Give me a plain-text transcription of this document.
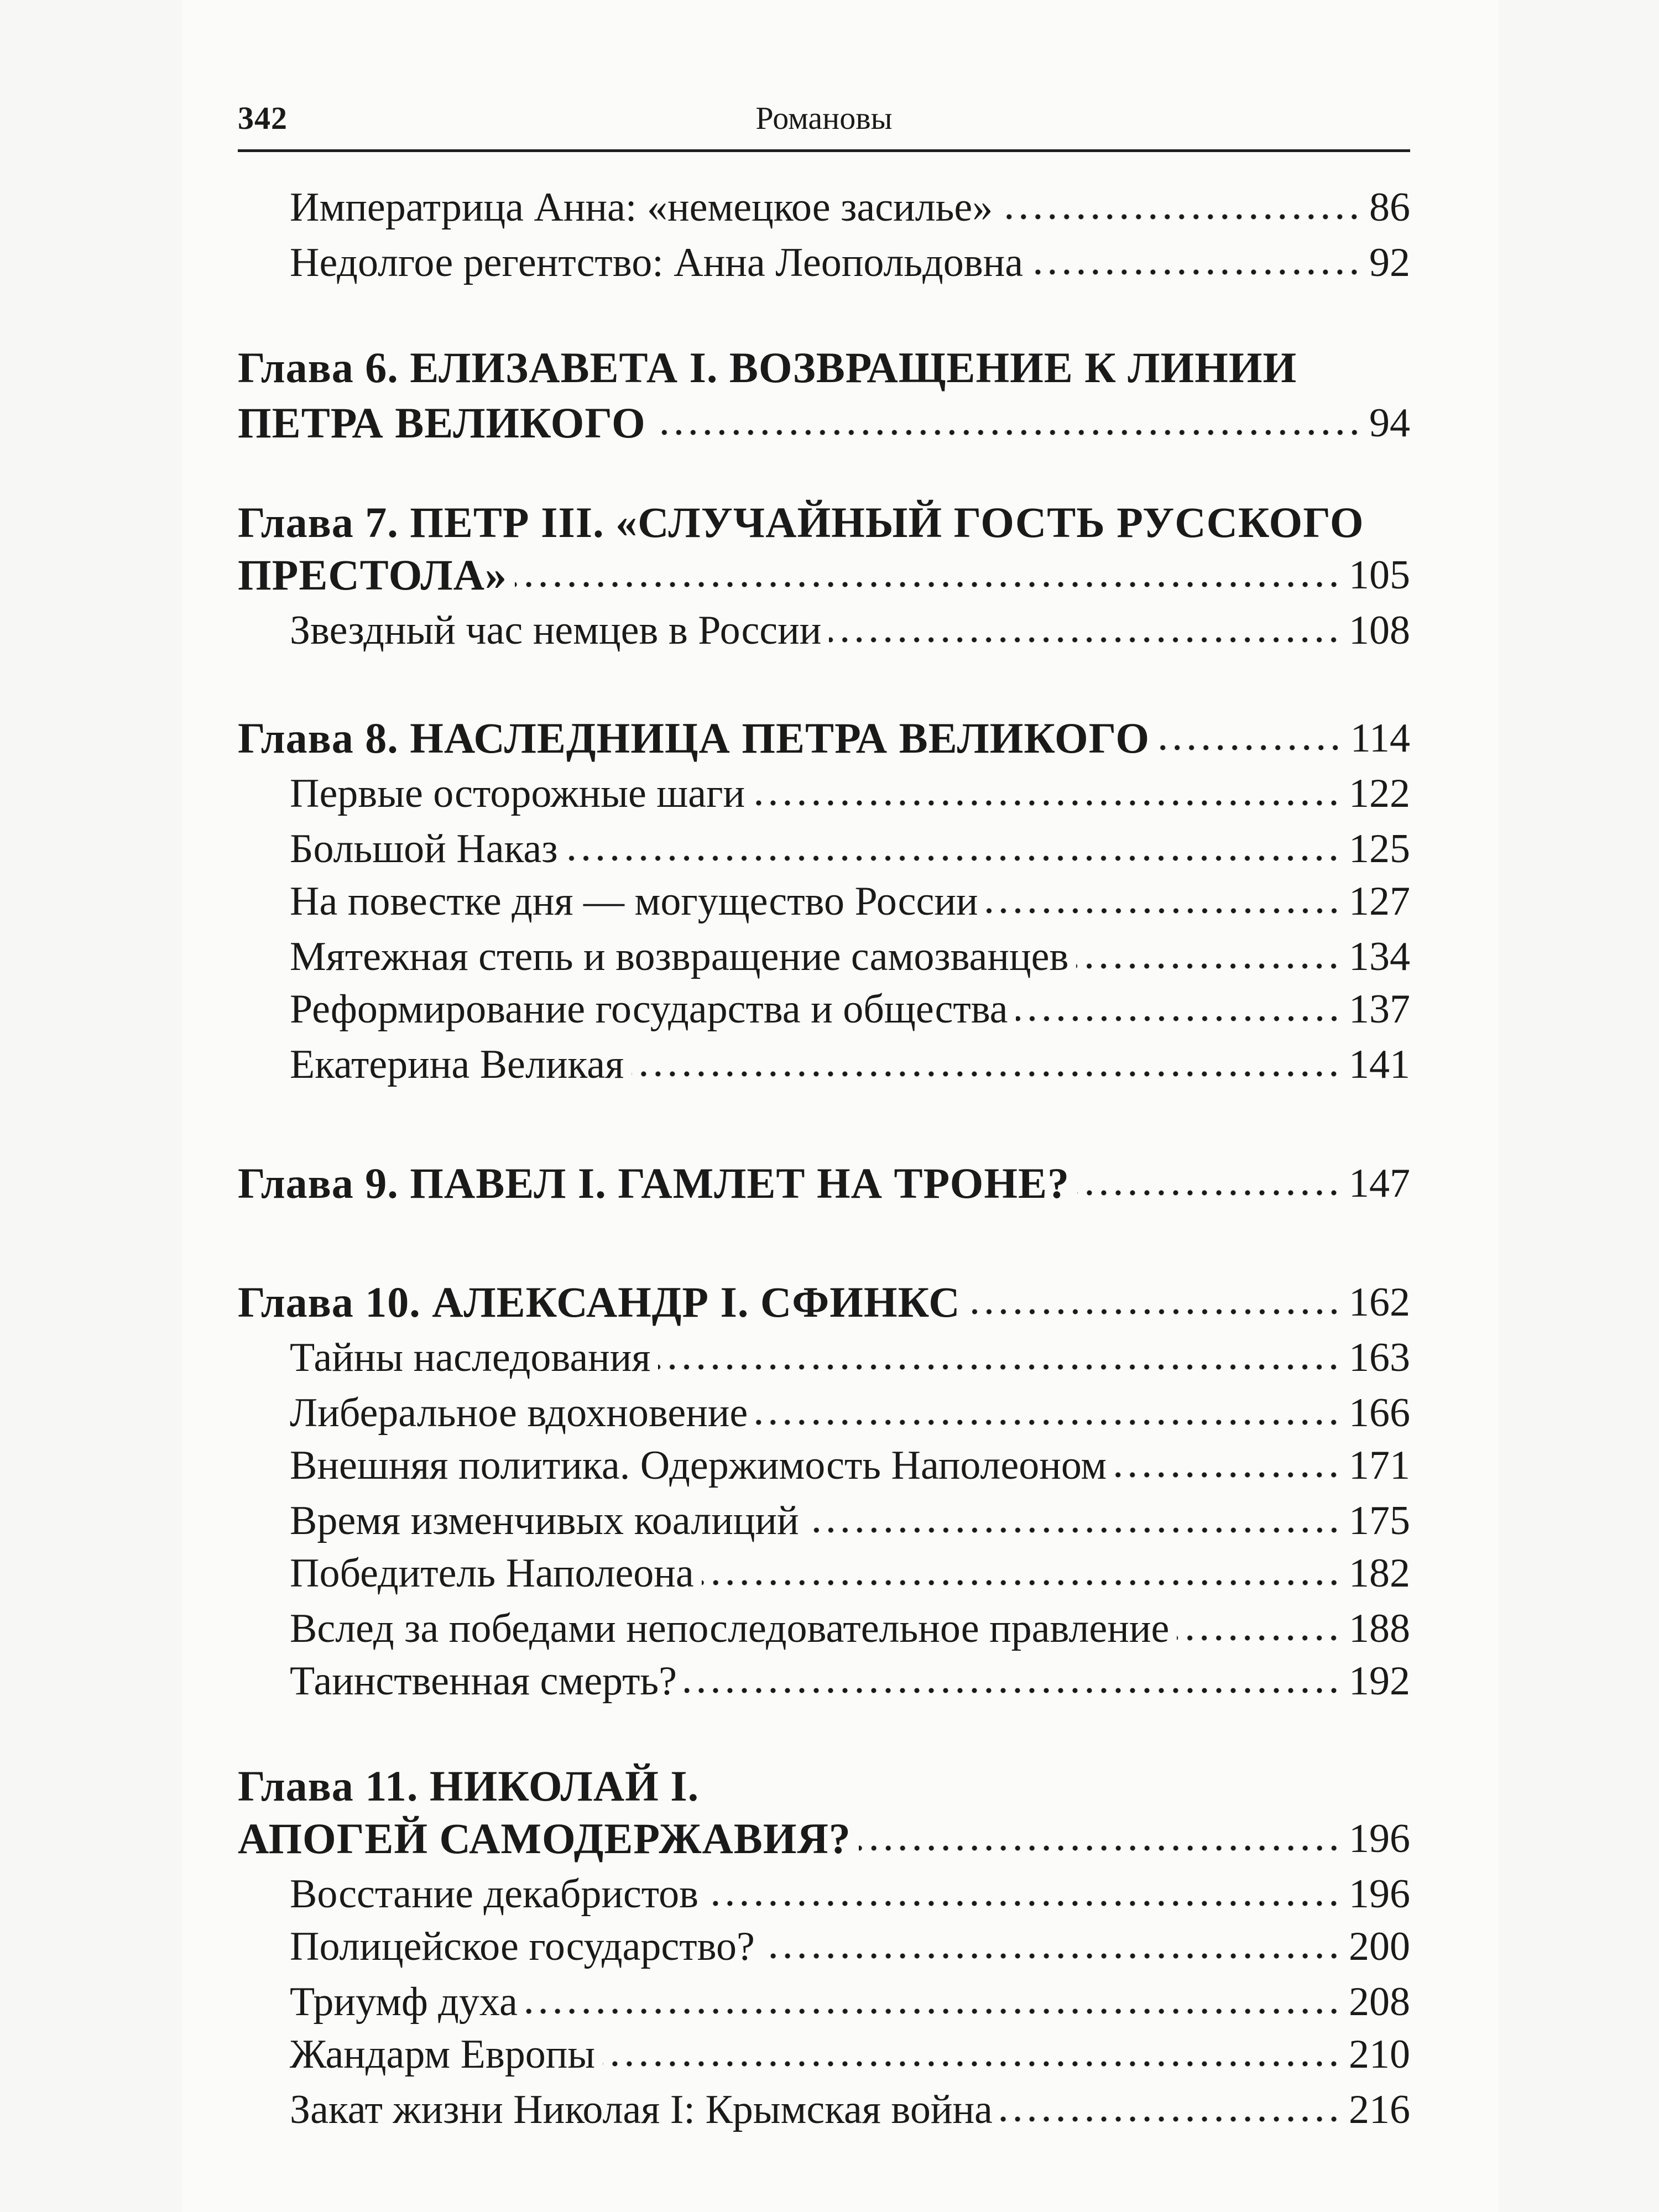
342	Романовы
Императрица Анна: «немецкое засилье»	86
Недолгое регентство: Анна Леопольдовна	92
Глава 6. ЕЛИЗАВЕТА I. ВОЗВРАЩЕНИЕ К ЛИНИИ
ПЕТРА ВЕЛИКОГО	94
Глава 7. ПЕТР III. «СЛУЧАЙНЫЙ ГОСТЬ РУССКОГО
ПРЕСТОЛА»	105
Звездный час немцев в России	108
Глава 8. НАСЛЕДНИЦА ПЕТРА ВЕЛИКОГО	114
Первые осторожные шаги	122
Большой Наказ	125
На повестке дня — могущество России	127
Мятежная степь и возвращение самозванцев	134
Реформирование государства и общества	137
Екатерина Великая	141
Глава 9. ПАВЕЛ I. ГАМЛЕТ НА ТРОНЕ?	147
Глава 10. АЛЕКСАНДР I. СФИНКС	162
Тайны наследования	163
Либеральное вдохновение	166
Внешняя политика. Одержимость Наполеоном	171
Время изменчивых коалиций	175
Победитель Наполеона	182
Вслед за победами непоследовательное правление	188
Таинственная смерть?	192
Глава 11. НИКОЛАЙ I.
АПОГЕЙ САМОДЕРЖАВИЯ?	196
Восстание декабристов	196
Полицейское государство?	200
Триумф духа	208
Жандарм Европы	210
Закат жизни Николая I: Крымская война	216
